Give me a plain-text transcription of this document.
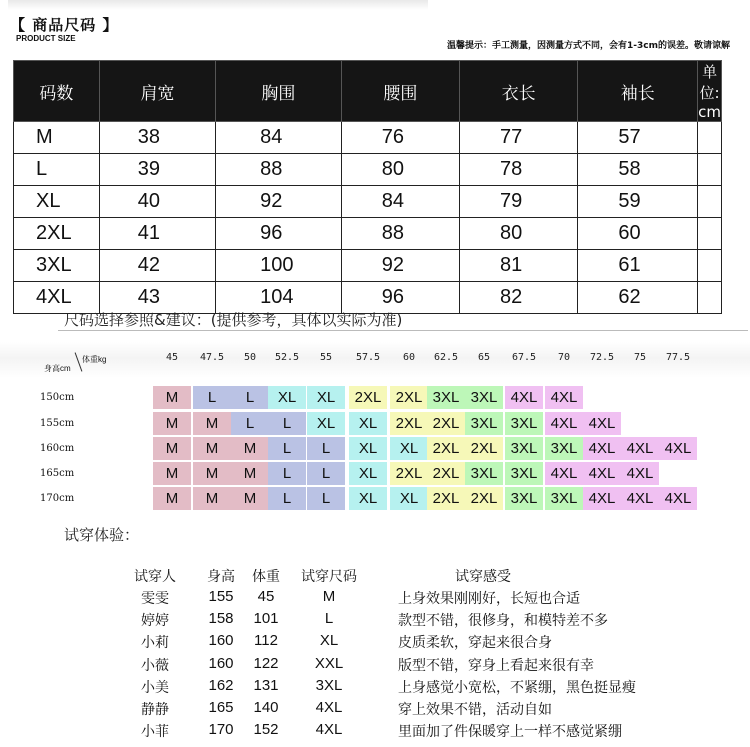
【 商品尺码 】
PRODUCT SIZE
温馨提示：手工测量，因测量方式不同，会有1-3cm的误差。敬请谅解
码数	肩宽	胸围	腰围	衣长	袖长	单位: cm
M	38	84	76	77	57	
L	39	88	80	78	58	
XL	40	92	84	79	59	
2XL	41	96	88	80	60	
3XL	42	100	92	81	61	
4XL	43	104	96	82	62	
尺码选择参照&建议：(提供参考，具体以实际为准)
身高cm
体重kg	45 47.5 50 52.5 55 57.5 60 62.5 65 67.5 70 72.5 75 77.5
150cm	M	L	L	XL	XL	2XL 2XL 3XL 3XL 4XL 4XL
155cm	M	M	L	L	XL	XL	2XL 2XL 3XL 3XL 4XL 4XL
160cm	M	M	M	L	L	XL	XL 2XL 2XL 3XL 3XL 4XL 4XL 4XL
165cm	M	M	M	L	L	XL	2XL 2XL 3XL 3XL 4XL 4XL 4XL
170cm	M	M	M	L	L	XL	XL 2XL 2XL 3XL 3XL 4XL 4XL 4XL
试穿体验：
试穿人 身高 体重 试穿尺码	试穿感受
雯雯	155 45	M	上身效果刚刚好，长短也合适
婷婷	158 101	L	款型不错，很修身，和模特差不多
小莉	160 112	XL	皮质柔软，穿起来很合身
小薇	160 122 XXL	版型不错，穿身上看起来很有幸
小美	162 131 3XL	上身感觉小宽松，不紧绷，黑色挺显瘦
静静	165 140 4XL	穿上效果不错，活动自如
小菲	170 152 4XL	里面加了件保暖穿上一样不感觉紧绷
